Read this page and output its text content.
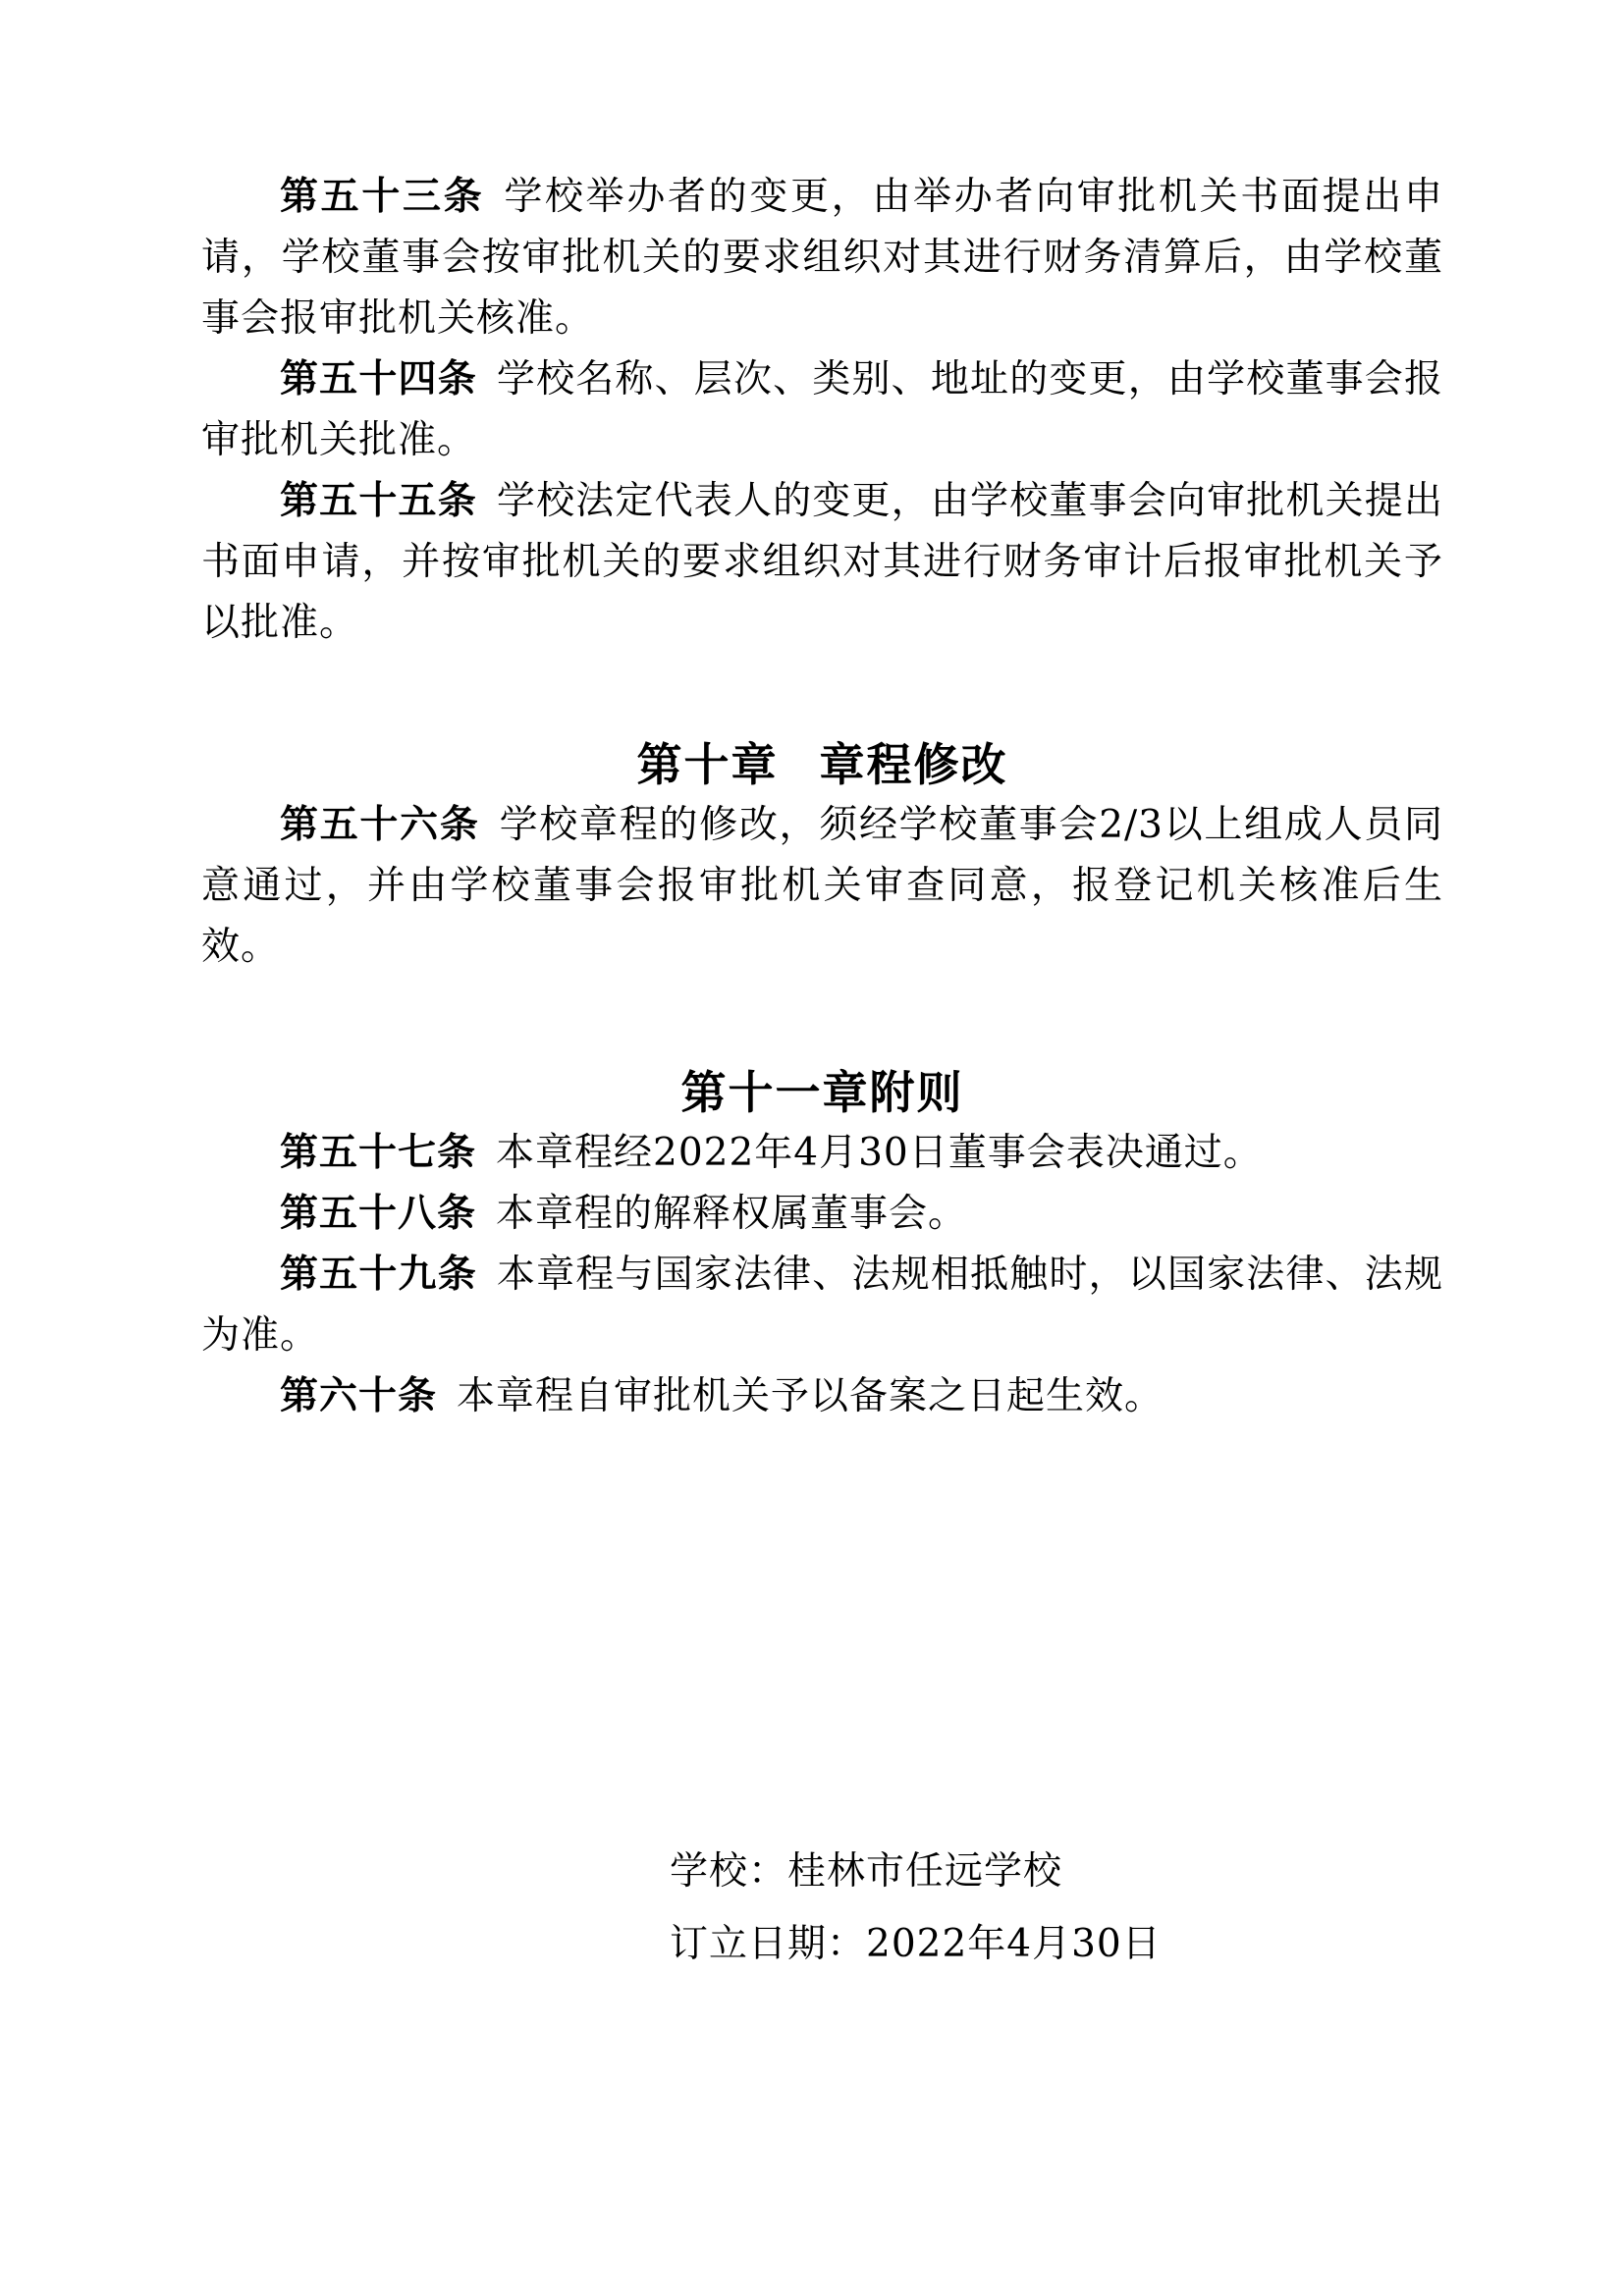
第五十三条 学校举办者的变更，由举办者向审批机关书面提出申请，学校董事会按审批机关的要求组织对其进行财务清算后，由学校董事会报审批机关核准。

第五十四条 学校名称、层次、类别、地址的变更，由学校董事会报审批机关批准。

第五十五条 学校法定代表人的变更，由学校董事会向审批机关提出书面申请，并按审批机关的要求组织对其进行财务审计后报审批机关予以批准。

第十章 章程修改

第五十六条 学校章程的修改，须经学校董事会2/3以上组成人员同意通过，并由学校董事会报审批机关审查同意，报登记机关核准后生效。

第十一章附则

第五十七条 本章程经2022年4月30日董事会表决通过。

第五十八条 本章程的解释权属董事会。

第五十九条 本章程与国家法律、法规相抵触时，以国家法律、法规为准。

第六十条 本章程自审批机关予以备案之日起生效。

学校：桂林市任远学校
订立日期：2022年4月30日
